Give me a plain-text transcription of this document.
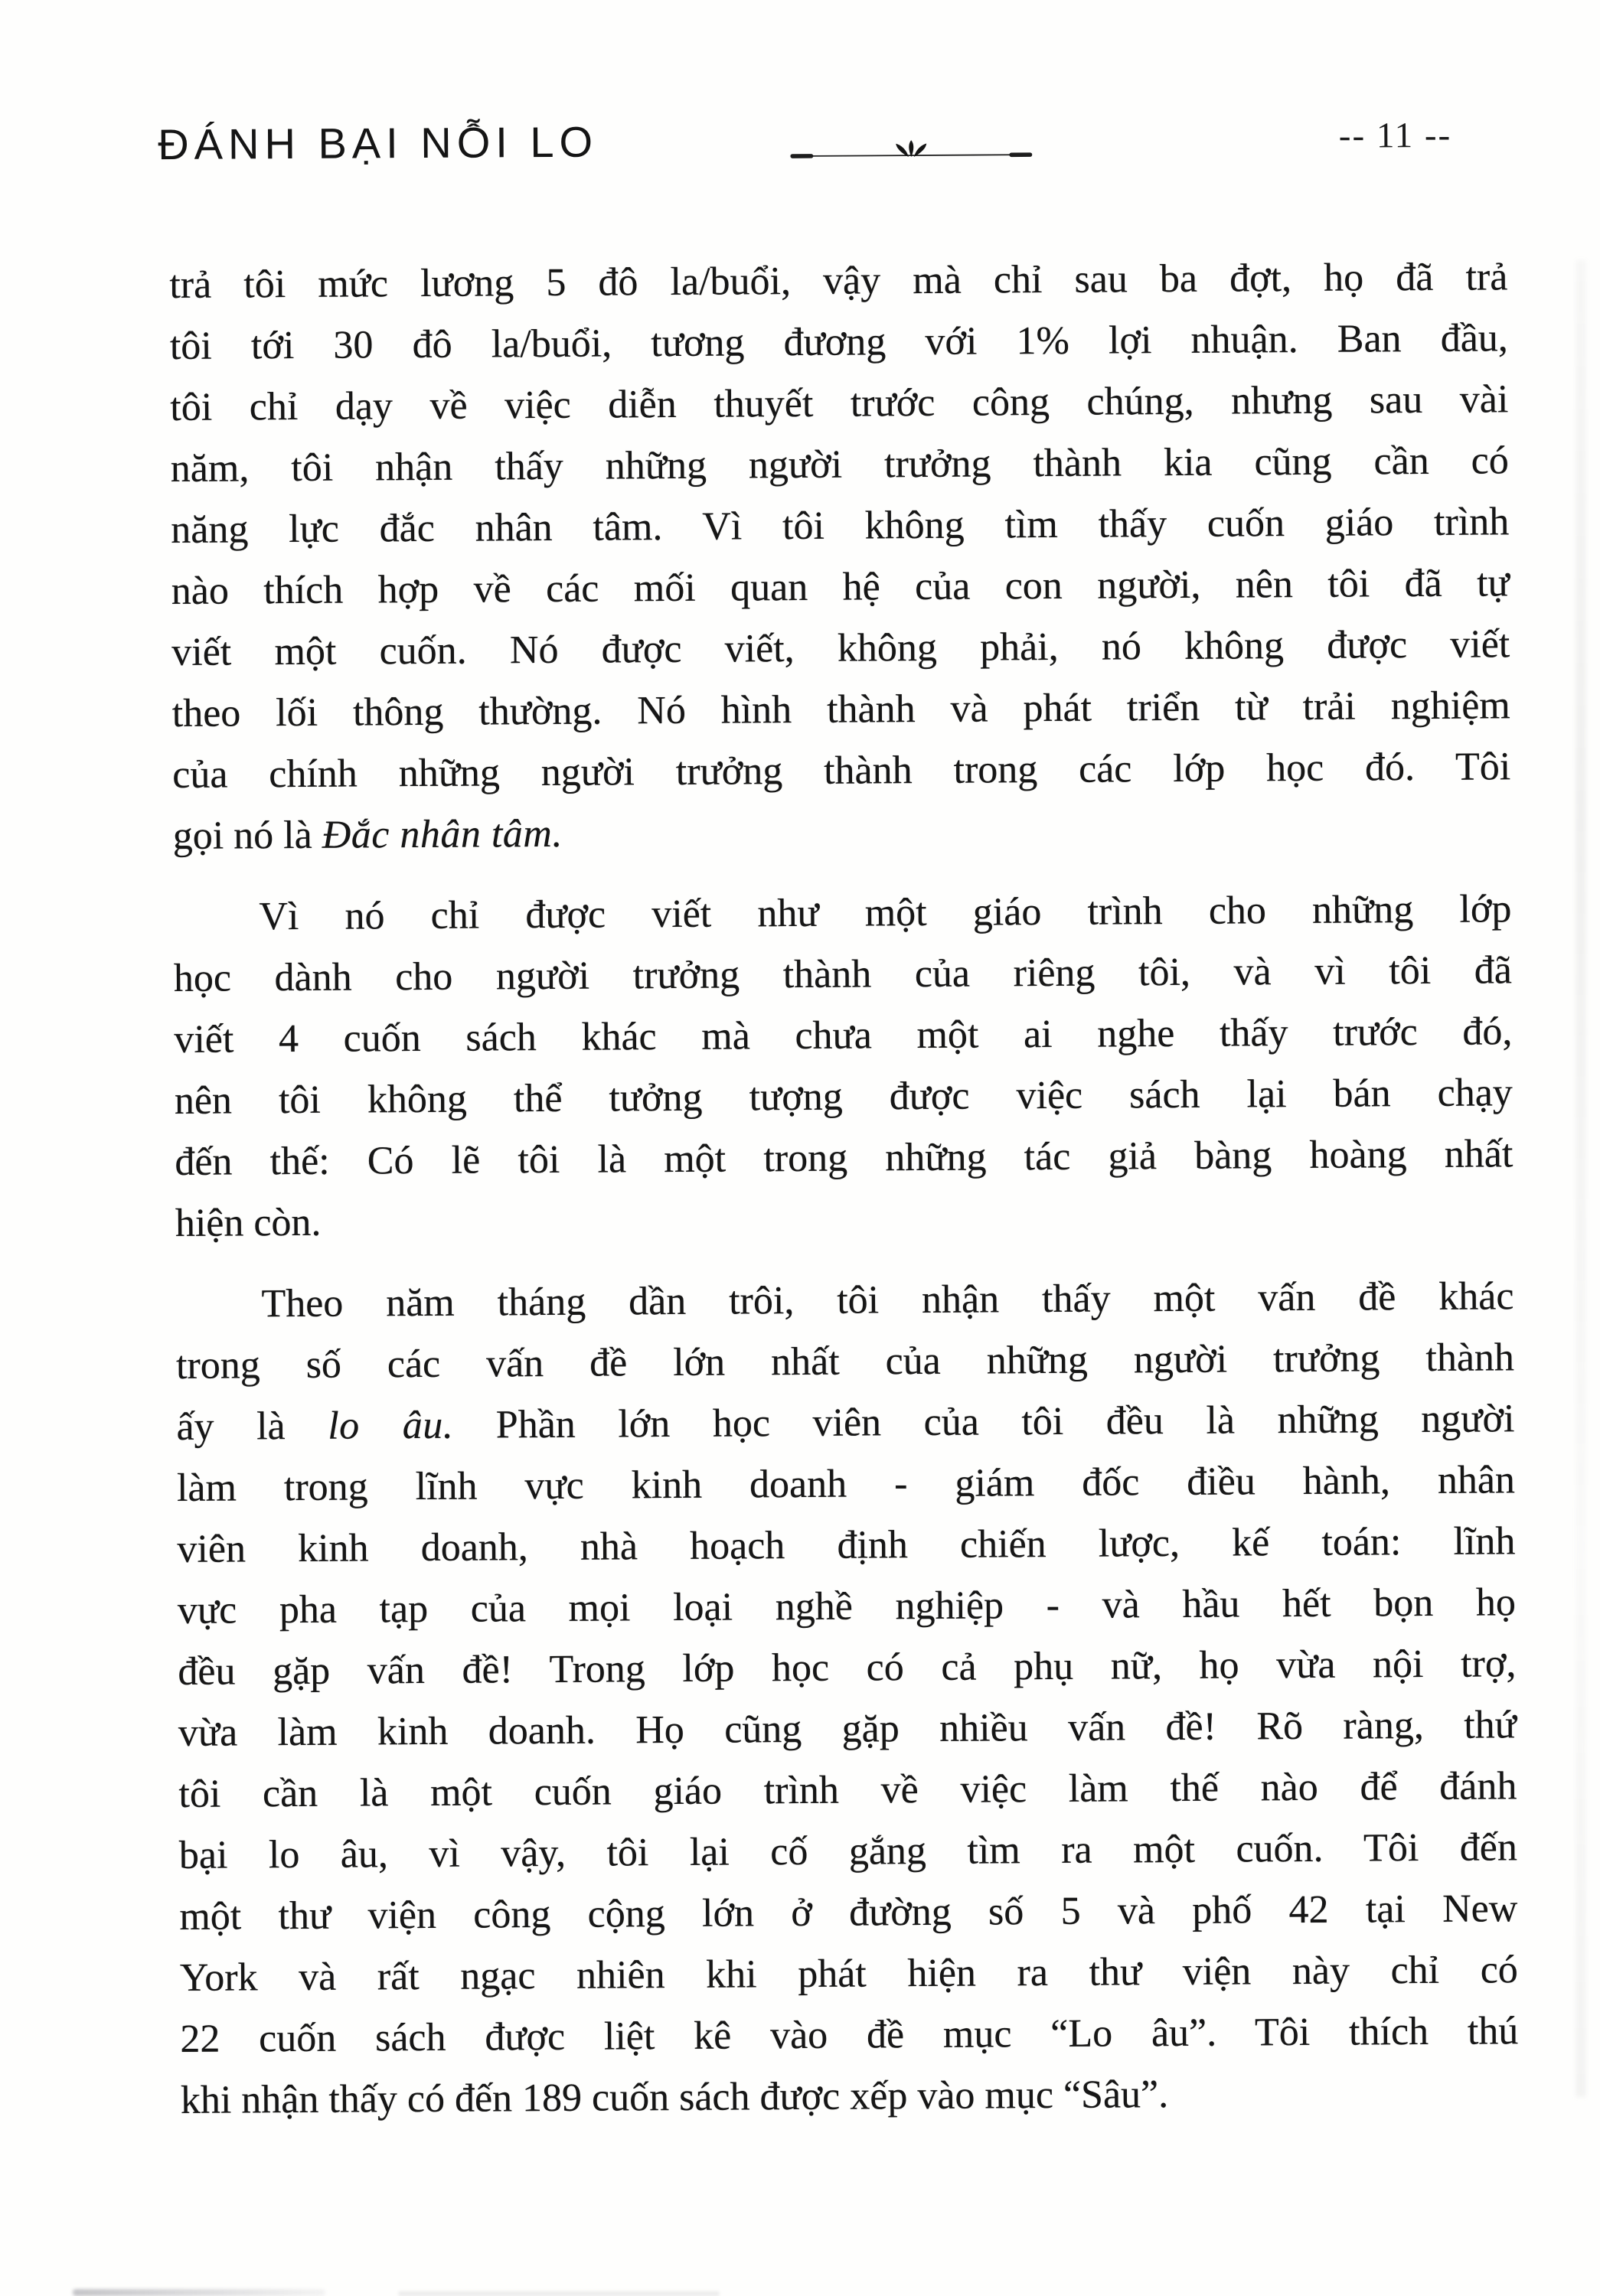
ĐÁNH BẠI NỖI LO	-- 11 --
trả tôi mức lương 5 đô la/buổi, vậy mà chỉ sau ba đợt, họ đã trả
tôi tới 30 đô la/buổi, tương đương với 1% lợi nhuận. Ban đầu,
tôi chỉ dạy về việc diễn thuyết trước công chúng, nhưng sau vài
năm, tôi nhận thấy những người trưởng thành kia cũng cần có
năng lực đắc nhân tâm. Vì tôi không tìm thấy cuốn giáo trình
nào thích hợp về các mối quan hệ của con người, nên tôi đã tự
viết một cuốn. Nó được viết, không phải, nó không được viết
theo lối thông thường. Nó hình thành và phát triển từ trải nghiệm
của chính những người trưởng thành trong các lớp học đó. Tôi
gọi nó là Đắc nhân tâm.
Vì nó chỉ được viết như một giáo trình cho những lớp
học dành cho người trưởng thành của riêng tôi, và vì tôi đã
viết 4 cuốn sách khác mà chưa một ai nghe thấy trước đó,
nên tôi không thể tưởng tượng được việc sách lại bán chạy
đến thế: Có lẽ tôi là một trong những tác giả bàng hoàng nhất
hiện còn.
Theo năm tháng dần trôi, tôi nhận thấy một vấn đề khác
trong số các vấn đề lớn nhất của những người trưởng thành
ấy là lo âu. Phần lớn học viên của tôi đều là những người
làm trong lĩnh vực kinh doanh - giám đốc điều hành, nhân
viên kinh doanh, nhà hoạch định chiến lược, kế toán: lĩnh
vực pha tạp của mọi loại nghề nghiệp - và hầu hết bọn họ
đều gặp vấn đề! Trong lớp học có cả phụ nữ, họ vừa nội trợ,
vừa làm kinh doanh. Họ cũng gặp nhiều vấn đề! Rõ ràng, thứ
tôi cần là một cuốn giáo trình về việc làm thế nào để đánh
bại lo âu, vì vậy, tôi lại cố gắng tìm ra một cuốn. Tôi đến
một thư viện công cộng lớn ở đường số 5 và phố 42 tại New
York và rất ngạc nhiên khi phát hiện ra thư viện này chỉ có
22 cuốn sách được liệt kê vào đề mục “Lo âu”. Tôi thích thú
khi nhận thấy có đến 189 cuốn sách được xếp vào mục “Sâu”.
